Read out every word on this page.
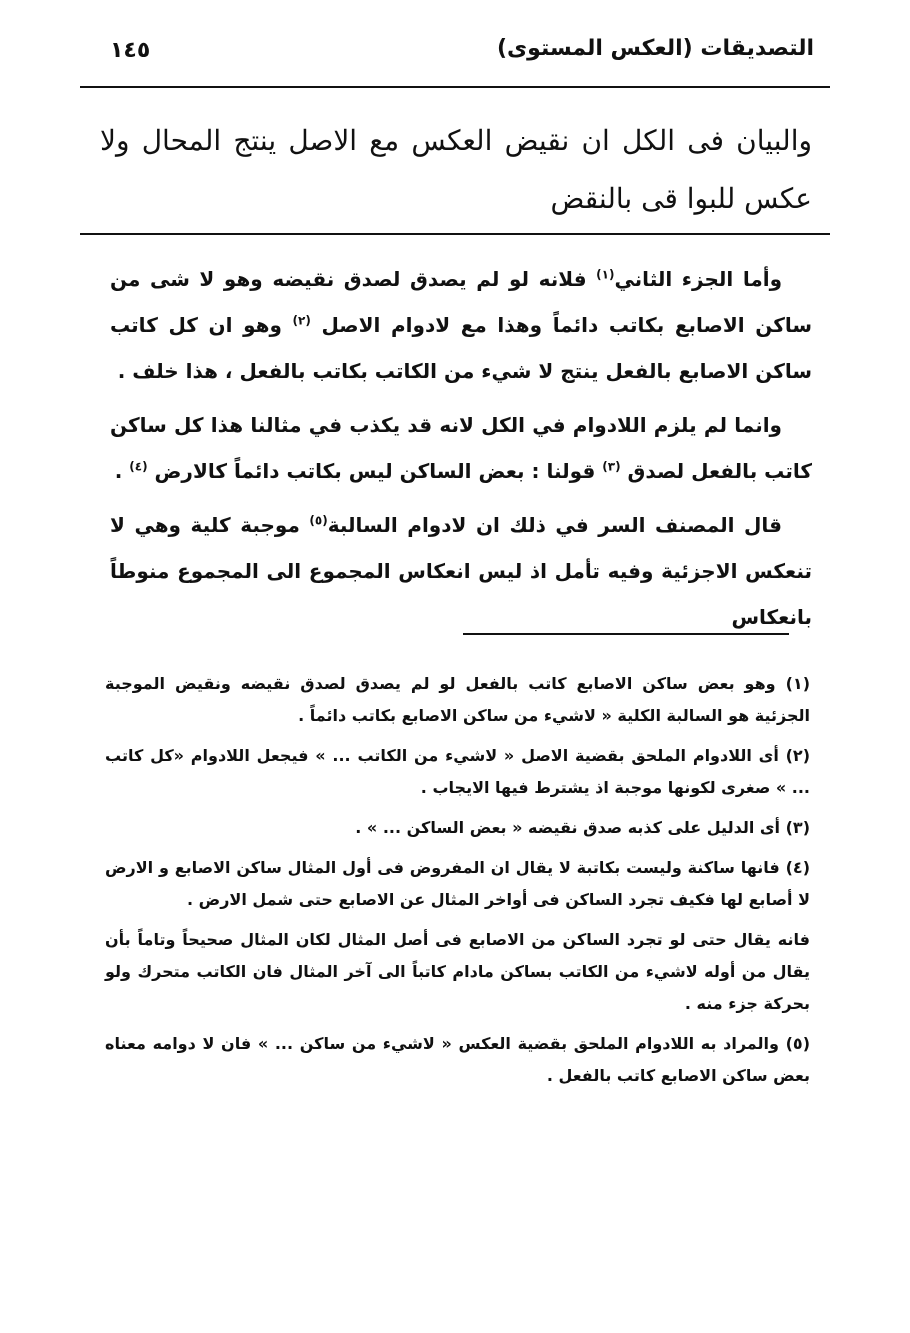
التصديقات (العكس المستوى)
١٤٥
والبيان فى الكل ان نقيض العكس مع الاصل ينتج المحال ولا عكس للبوا قى بالنقض

وأما الجزء الثاني$^{(١)}$ فلانه لو لم يصدق لصدق نقيضه وهو لا شى من ساكن الاصابع بكاتب دائماً وهذا مع لادوام الاصل $^{(٢)}$ وهو ان كل كاتب ساكن الاصابع بالفعل ينتج لا شيء من الكاتب بكاتب بالفعل ، هذا خلف .

وانما لم يلزم اللادوام في الكل لانه قد يكذب في مثالنا هذا كل ساكن كاتب بالفعل لصدق $^{(٣)}$ قولنا : بعض الساكن ليس بكاتب دائماً كالارض $^{(٤)}$ .

قال المصنف السر في ذلك ان لادوام السالبة$^{(٥)}$ موجبة كلية وهي لا تنعكس الاجزئية وفيه تأمل اذ ليس انعكاس المجموع الى المجموع منوطاً بانعكاس

(١) وهو بعض ساكن الاصابع كاتب بالفعل لو لم يصدق لصدق نقيضه ونقيض الموجبة الجزئية هو السالبة الكلية « لاشيء من ساكن الاصابع بكاتب دائماً .

(٢) أى اللادوام الملحق بقضية الاصل « لاشيء من الكاتب ... » فيجعل اللادوام «كل كاتب ... » صغرى لكونها موجبة اذ يشترط فيها الايجاب .

(٣) أى الدليل على كذبه صدق نقيضه « بعض الساكن ... » .

(٤) فانها ساكنة وليست بكاتبة لا يقال ان المفروض فى أول المثال ساكن الاصابع و الارض لا أصابع لها فكيف تجرد الساكن فى أواخر المثال عن الاصابع حتى شمل الارض .

فانه يقال حتى لو تجرد الساكن من الاصابع فى أصل المثال لكان المثال صحيحاً وتاماً بأن يقال من أوله لاشيء من الكاتب بساكن مادام كاتباً الى آخر المثال فان الكاتب متحرك ولو بحركة جزء منه .

(٥) والمراد به اللادوام الملحق بقضية العكس « لاشيء من ساكن ... » فان لا دوامه معناه بعض ساكن الاصابع كاتب بالفعل .
